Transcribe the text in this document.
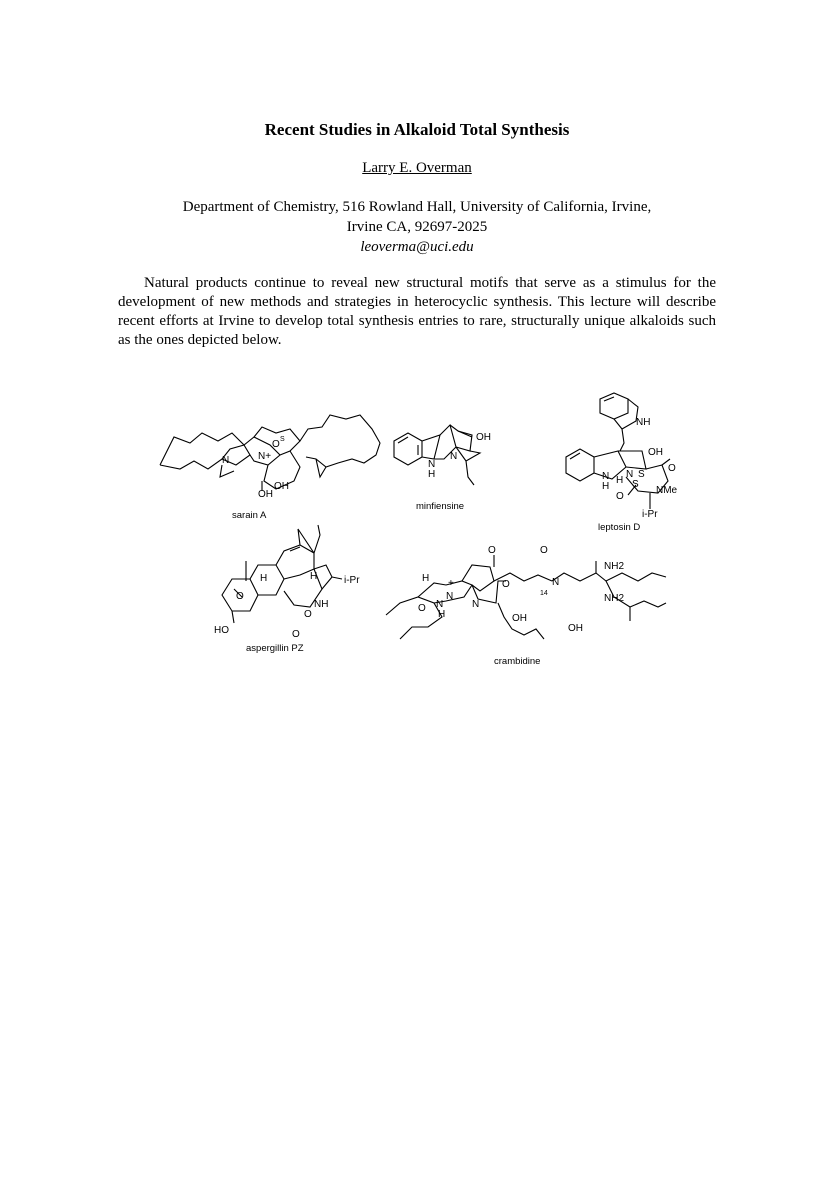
Recent Studies in Alkaloid Total Synthesis
Larry E. Overman
Department of Chemistry, 516 Rowland Hall, University of California, Irvine,
Irvine CA, 92697-2025
leoverma@uci.edu

Natural products continue to reveal new structural motifs that serve as a stimulus for the development of new methods and strategies in heterocyclic synthesis. This lecture will describe recent efforts at Irvine to develop total synthesis entries to rare, structurally unique alkaloids such as the ones depicted below.

N	N+
O S
OH
OH
sarain A
OH
N
H
N
minfiensine
NH
OH
N
H
N
H
S
S
O
O
NMe
i-Pr
leptosin D
H	H	i-Pr
O
NH
O
O
HO
aspergillin PZ
H +
N
N	N
H
O
O
O
O
14
N
NH2
NH2
OH
OH
crambidine
